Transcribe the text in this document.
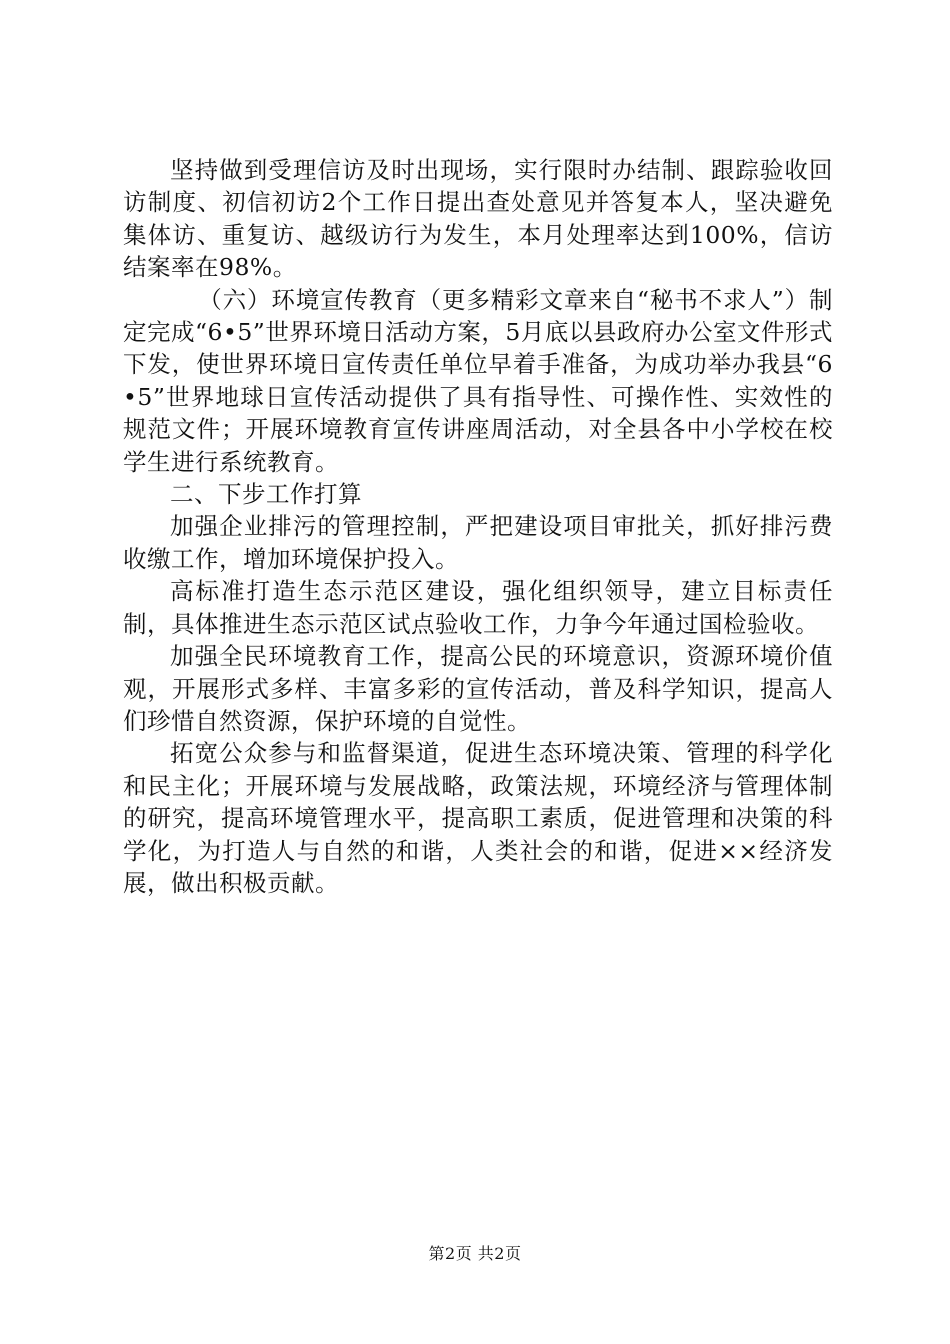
坚持做到受理信访及时出现场，实行限时办结制、跟踪验收回访制度、初信初访2个工作日提出查处意见并答复本人，坚决避免集体访、重复访、越级访行为发生，本月处理率达到100%，信访结案率在98%。

（六）环境宣传教育（更多精彩文章来自“秘书不求人”）制定完成“6•5”世界环境日活动方案，5月底以县政府办公室文件形式下发，使世界环境日宣传责任单位早着手准备，为成功举办我县“6•5”世界地球日宣传活动提供了具有指导性、可操作性、实效性的规范文件；开展环境教育宣传讲座周活动，对全县各中小学校在校学生进行系统教育。

二、下步工作打算

加强企业排污的管理控制，严把建设项目审批关，抓好排污费收缴工作，增加环境保护投入。

高标准打造生态示范区建设，强化组织领导，建立目标责任制，具体推进生态示范区试点验收工作，力争今年通过国检验收。

加强全民环境教育工作，提高公民的环境意识，资源环境价值观，开展形式多样、丰富多彩的宣传活动，普及科学知识，提高人们珍惜自然资源，保护环境的自觉性。

拓宽公众参与和监督渠道，促进生态环境决策、管理的科学化和民主化；开展环境与发展战略，政策法规，环境经济与管理体制的研究，提高环境管理水平，提高职工素质，促进管理和决策的科学化，为打造人与自然的和谐，人类社会的和谐，促进××经济发展，做出积极贡献。

第2页 共2页
